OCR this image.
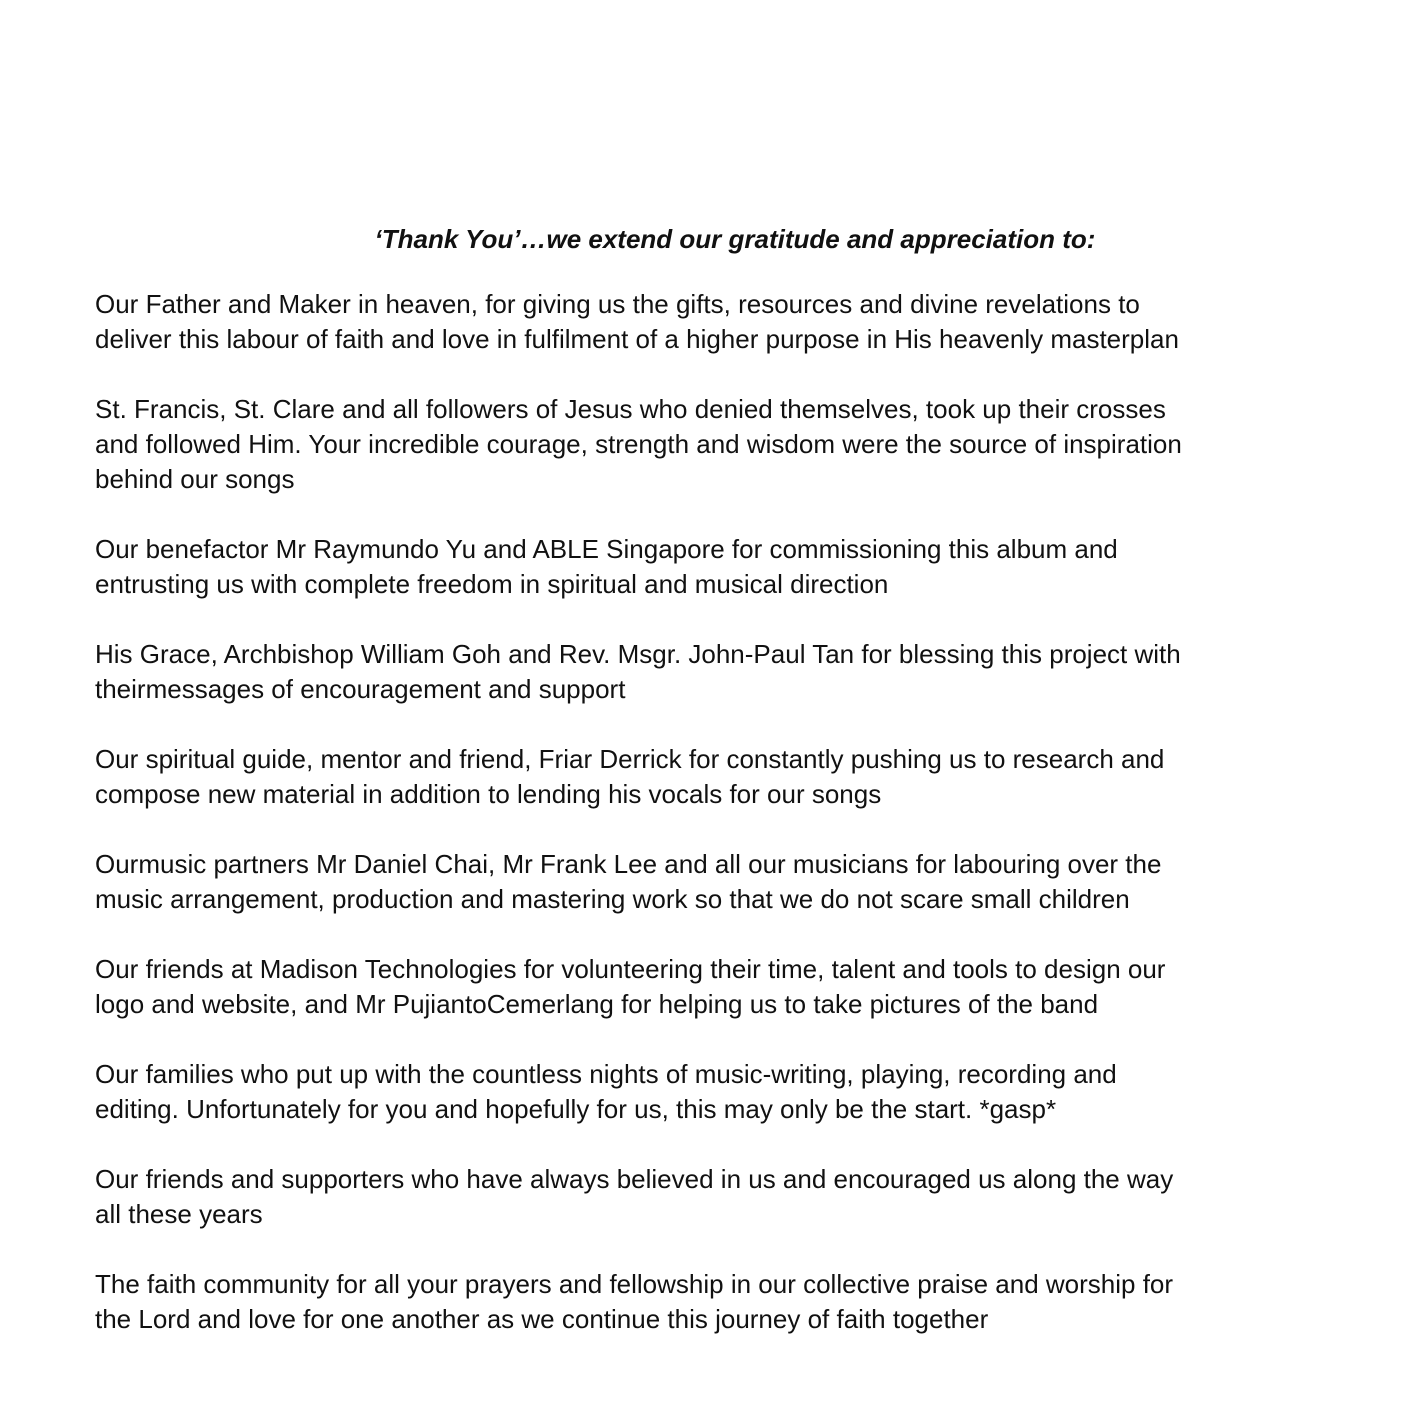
‘Thank You’…we extend our gratitude and appreciation to:
Our Father and Maker in heaven, for giving us the gifts, resources and divine revelations to
deliver this labour of faith and love in fulfilment of a higher purpose in His heavenly masterplan
St. Francis, St. Clare and all followers of Jesus who denied themselves, took up their crosses
and followed Him. Your incredible courage, strength and wisdom were the source of inspiration
behind our songs
Our benefactor Mr Raymundo Yu and ABLE Singapore for commissioning this album and
entrusting us with complete freedom in spiritual and musical direction
His Grace, Archbishop William Goh and Rev. Msgr. John-Paul Tan for blessing this project with
theirmessages of encouragement and support
Our spiritual guide, mentor and friend, Friar Derrick for constantly pushing us to research and
compose new material in addition to lending his vocals for our songs
Ourmusic partners Mr Daniel Chai, Mr Frank Lee and all our musicians for labouring over the
music arrangement, production and mastering work so that we do not scare small children
Our friends at Madison Technologies for volunteering their time, talent and tools to design our
logo and website, and Mr PujiantoCemerlang for helping us to take pictures of the band
Our families who put up with the countless nights of music-writing, playing, recording and
editing. Unfortunately for you and hopefully for us, this may only be the start. *gasp*
Our friends and supporters who have always believed in us and encouraged us along the way
all these years
The faith community for all your prayers and fellowship in our collective praise and worship for
the Lord and love for one another as we continue this journey of faith together
